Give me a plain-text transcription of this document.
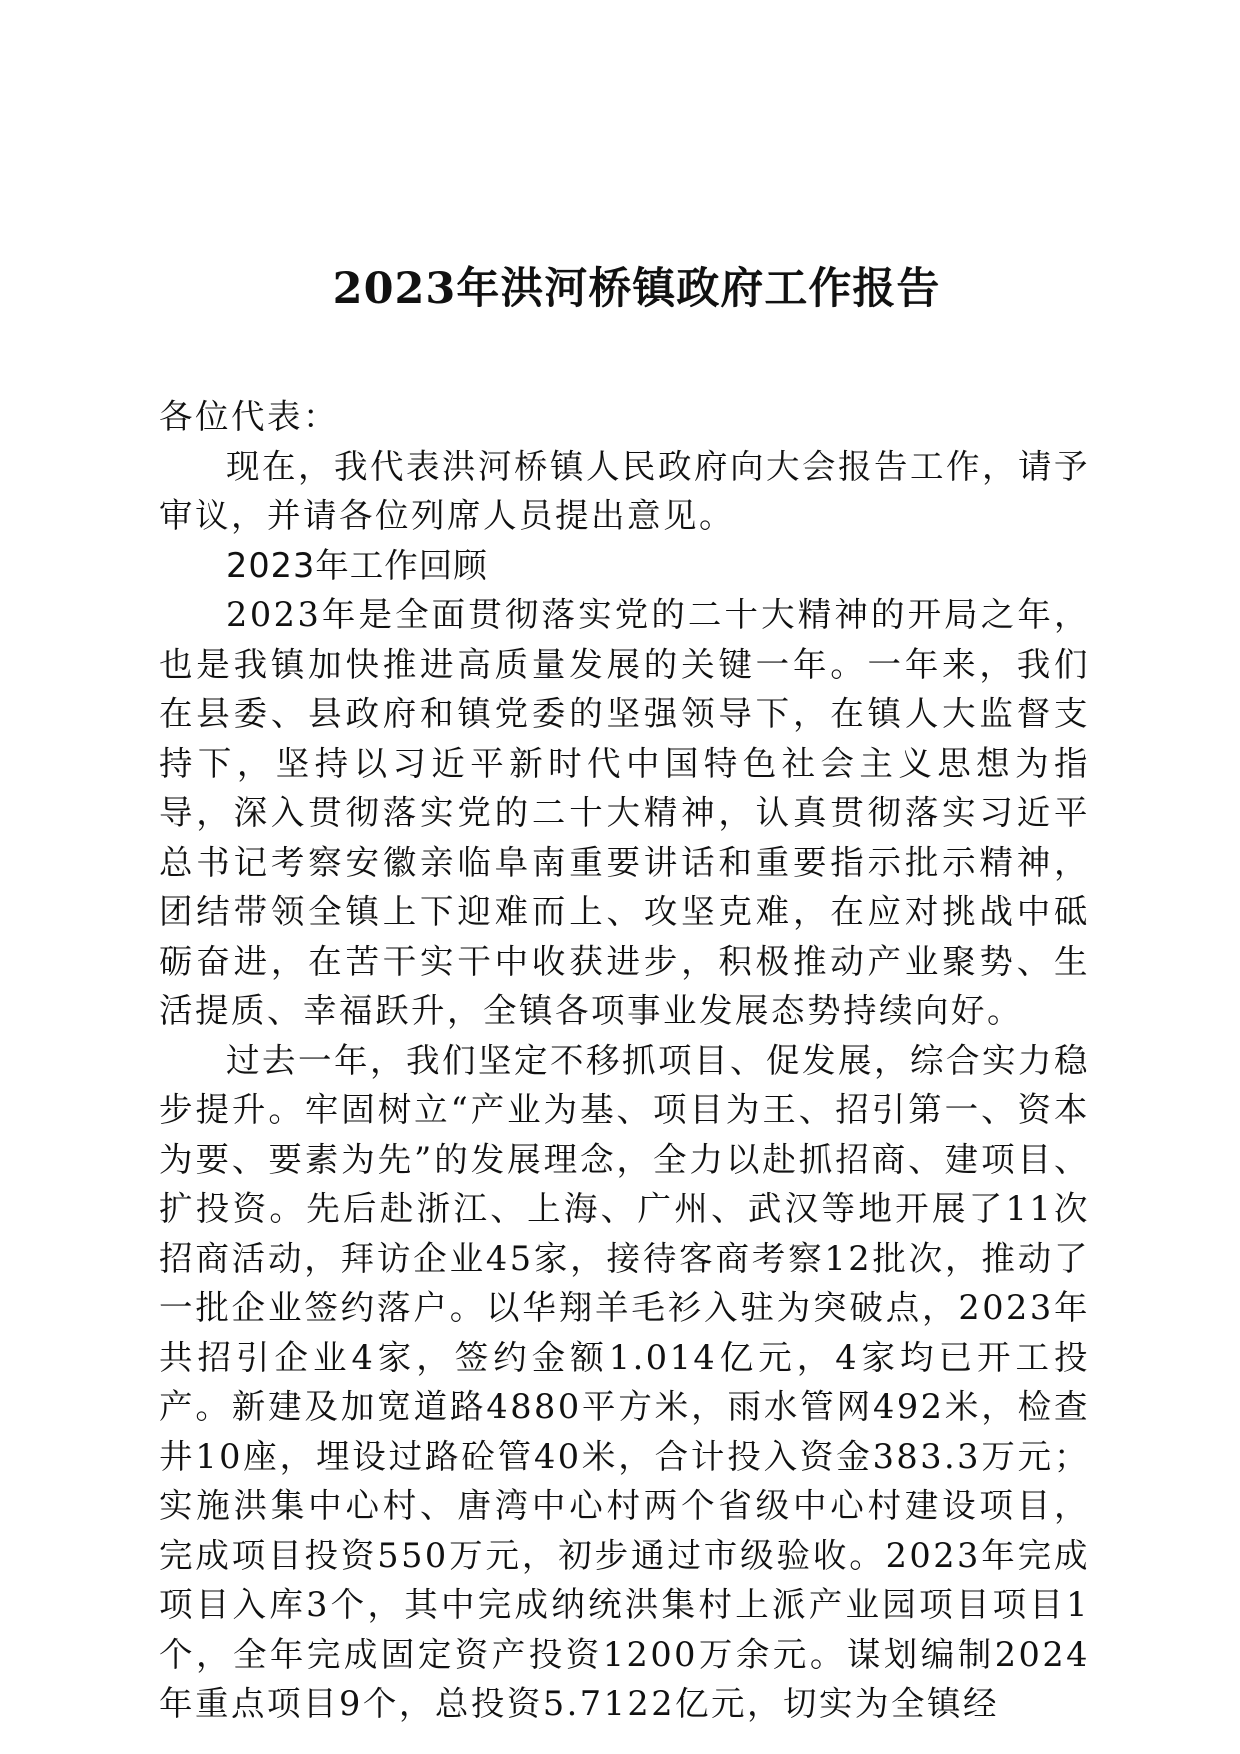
2023年洪河桥镇政府工作报告

各位代表：

现在，我代表洪河桥镇人民政府向大会报告工作，请予审议，并请各位列席人员提出意见。

2023年工作回顾

2023年是全面贯彻落实党的二十大精神的开局之年，也是我镇加快推进高质量发展的关键一年。一年来，我们在县委、县政府和镇党委的坚强领导下，在镇人大监督支持下，坚持以习近平新时代中国特色社会主义思想为指导，深入贯彻落实党的二十大精神，认真贯彻落实习近平总书记考察安徽亲临阜南重要讲话和重要指示批示精神，团结带领全镇上下迎难而上、攻坚克难，在应对挑战中砥砺奋进，在苦干实干中收获进步，积极推动产业聚势、生活提质、幸福跃升，全镇各项事业发展态势持续向好。

过去一年，我们坚定不移抓项目、促发展，综合实力稳步提升。牢固树立“产业为基、项目为王、招引第一、资本为要、要素为先”的发展理念，全力以赴抓招商、建项目、扩投资。先后赴浙江、上海、广州、武汉等地开展了11次招商活动，拜访企业45家，接待客商考察12批次，推动了一批企业签约落户。以华翔羊毛衫入驻为突破点，2023年共招引企业4家，签约金额1.014亿元，4家均已开工投产。新建及加宽道路4880平方米，雨水管网492米，检查井10座，埋设过路砼管40米，合计投入资金383.3万元；实施洪集中心村、唐湾中心村两个省级中心村建设项目，完成项目投资550万元，初步通过市级验收。2023年完成项目入库3个，其中完成纳统洪集村上派产业园项目项目1个，全年完成固定资产投资1200万余元。谋划编制2024年重点项目9个，总投资5.7122亿元，切实为全镇经
